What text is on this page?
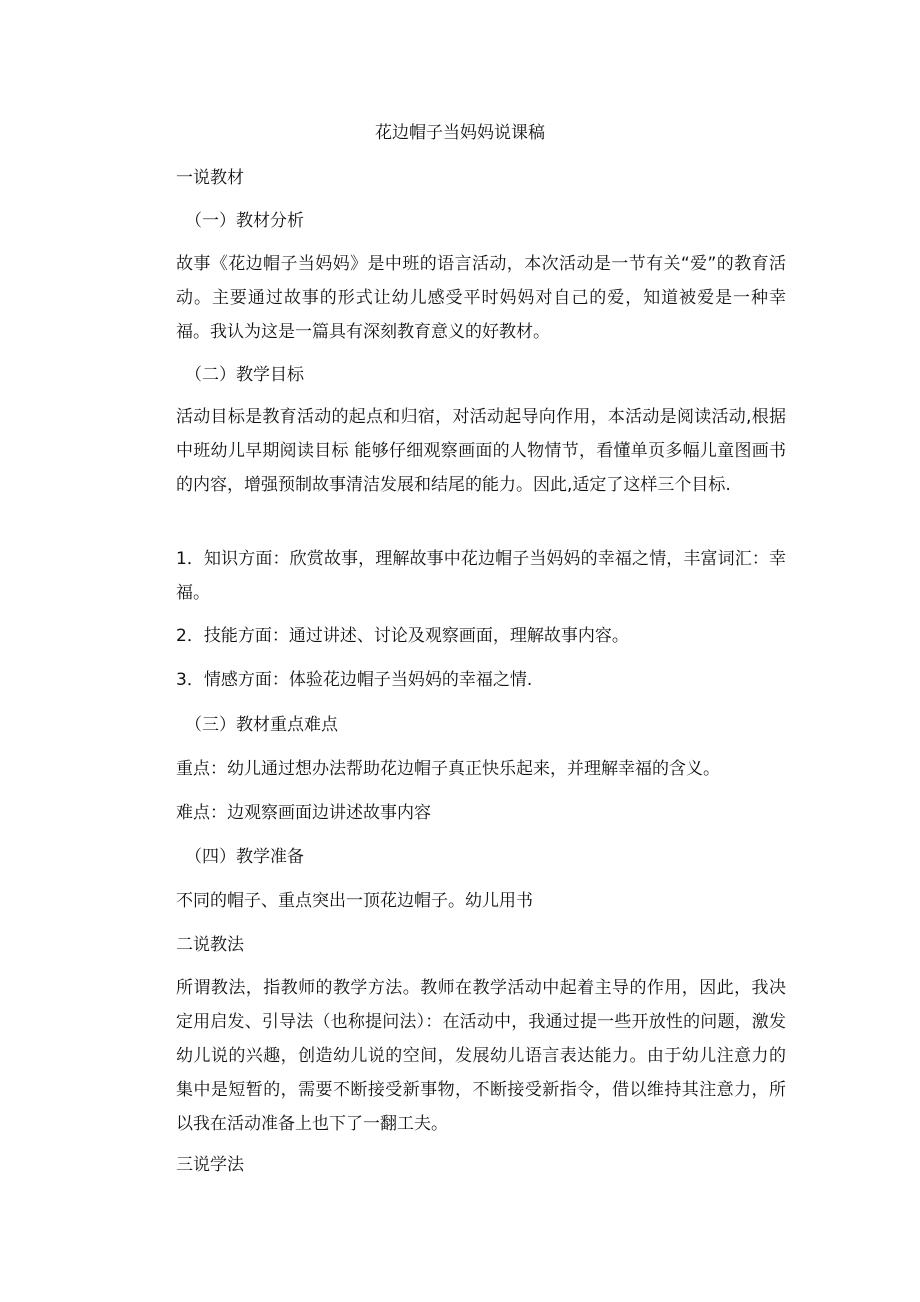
花边帽子当妈妈说课稿

一说教材

（一）教材分析

故事《花边帽子当妈妈》是中班的语言活动，本次活动是一节有关“爱”的教育活动。主要通过故事的形式让幼儿感受平时妈妈对自己的爱，知道被爱是一种幸福。我认为这是一篇具有深刻教育意义的好教材。

（二）教学目标

活动目标是教育活动的起点和归宿，对活动起导向作用，本活动是阅读活动,根据中班幼儿早期阅读目标 能够仔细观察画面的人物情节，看懂单页多幅儿童图画书的内容，增强预制故事清洁发展和结尾的能力。因此,适定了这样三个目标.

1．知识方面：欣赏故事，理解故事中花边帽子当妈妈的幸福之情，丰富词汇：幸福。

2．技能方面：通过讲述、讨论及观察画面，理解故事内容。

3．情感方面：体验花边帽子当妈妈的幸福之情.

（三）教材重点难点

重点：幼儿通过想办法帮助花边帽子真正快乐起来，并理解幸福的含义。

难点：边观察画面边讲述故事内容

（四）教学准备

不同的帽子、重点突出一顶花边帽子。幼儿用书

二说教法

所谓教法，指教师的教学方法。教师在教学活动中起着主导的作用，因此，我决定用启发、引导法（也称提问法）：在活动中，我通过提一些开放性的问题，激发幼儿说的兴趣，创造幼儿说的空间，发展幼儿语言表达能力。由于幼儿注意力的集中是短暂的，需要不断接受新事物，不断接受新指令，借以维持其注意力，所以我在活动准备上也下了一翻工夫。

三说学法
